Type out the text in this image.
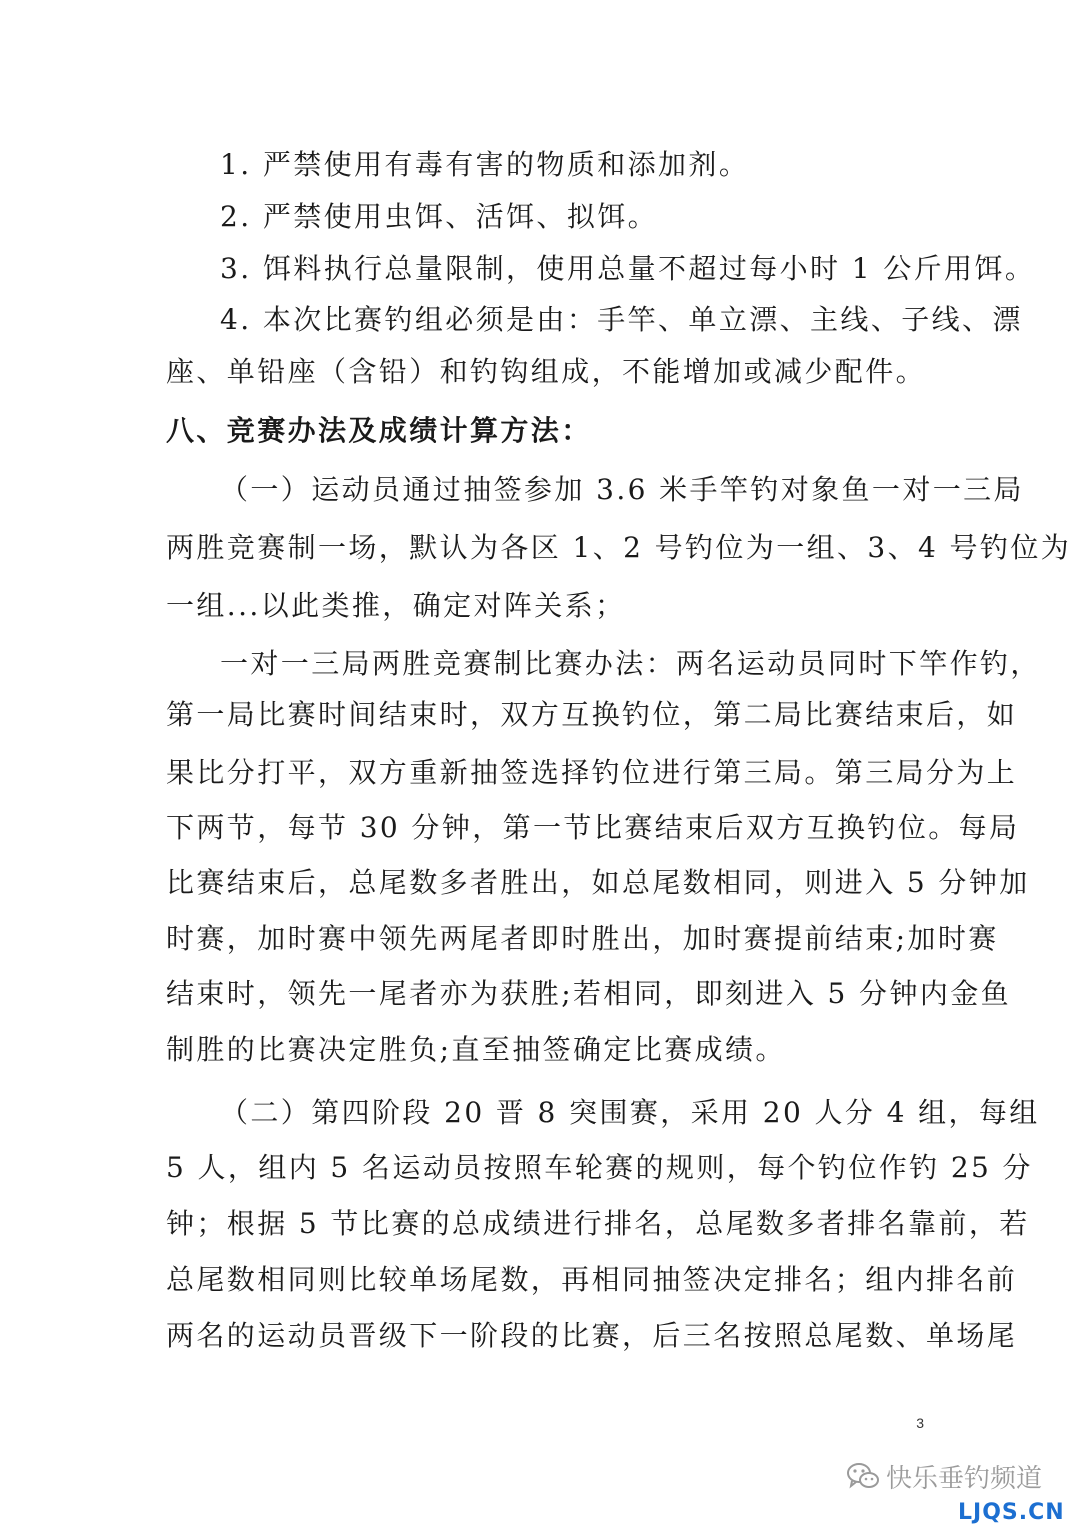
1. 严禁使用有毒有害的物质和添加剂。
2. 严禁使用虫饵、活饵、拟饵。
3. 饵料执行总量限制，使用总量不超过每小时 1 公斤用饵。
4. 本次比赛钓组必须是由：手竿、单立漂、主线、子线、漂
座、单铅座（含铅）和钓钩组成，不能增加或减少配件。
八、竞赛办法及成绩计算方法：
（一）运动员通过抽签参加 3.6 米手竿钓对象鱼一对一三局
两胜竞赛制一场，默认为各区 1、2 号钓位为一组、3、4 号钓位为
一组...以此类推，确定对阵关系；
一对一三局两胜竞赛制比赛办法：两名运动员同时下竿作钓，
第一局比赛时间结束时，双方互换钓位，第二局比赛结束后，如
果比分打平，双方重新抽签选择钓位进行第三局。第三局分为上
下两节，每节 30 分钟，第一节比赛结束后双方互换钓位。每局
比赛结束后，总尾数多者胜出，如总尾数相同，则进入 5 分钟加
时赛，加时赛中领先两尾者即时胜出，加时赛提前结束;加时赛
结束时，领先一尾者亦为获胜;若相同，即刻进入 5 分钟内金鱼
制胜的比赛决定胜负;直至抽签确定比赛成绩。
（二）第四阶段 20 晋 8 突围赛，采用 20 人分 4 组，每组
5 人，组内 5 名运动员按照车轮赛的规则，每个钓位作钓 25 分
钟；根据 5 节比赛的总成绩进行排名，总尾数多者排名靠前，若
总尾数相同则比较单场尾数，再相同抽签决定排名；组内排名前
两名的运动员晋级下一阶段的比赛，后三名按照总尾数、单场尾
3
快乐垂钓频道
LJQS.CN
